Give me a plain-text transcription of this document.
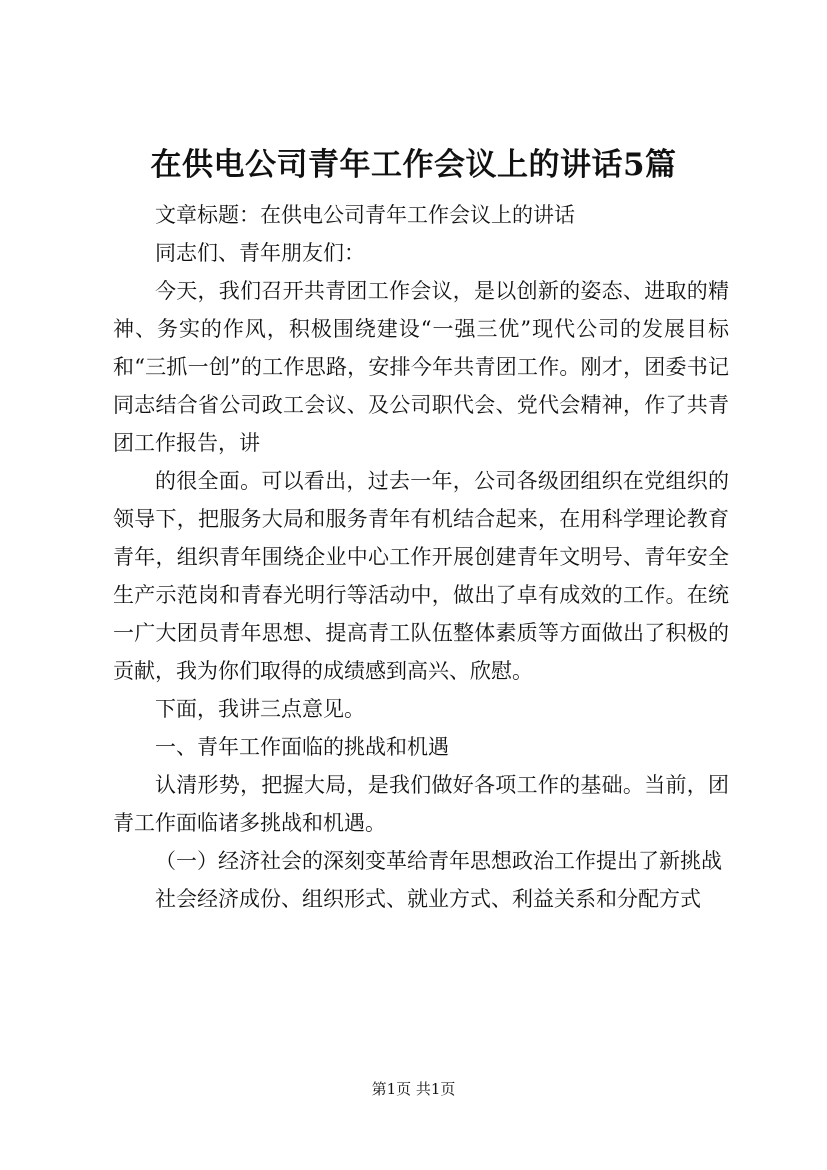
在供电公司青年工作会议上的讲话5篇

文章标题：在供电公司青年工作会议上的讲话

同志们、青年朋友们：

今天，我们召开共青团工作会议，是以创新的姿态、进取的精神、务实的作风，积极围绕建设“一强三优”现代公司的发展目标和“三抓一创”的工作思路，安排今年共青团工作。刚才，团委书记同志结合省公司政工会议、及公司职代会、党代会精神，作了共青团工作报告，讲

的很全面。可以看出，过去一年，公司各级团组织在党组织的领导下，把服务大局和服务青年有机结合起来，在用科学理论教育青年，组织青年围绕企业中心工作开展创建青年文明号、青年安全生产示范岗和青春光明行等活动中，做出了卓有成效的工作。在统一广大团员青年思想、提高青工队伍整体素质等方面做出了积极的贡献，我为你们取得的成绩感到高兴、欣慰。

下面，我讲三点意见。

一、青年工作面临的挑战和机遇

认清形势，把握大局，是我们做好各项工作的基础。当前，团青工作面临诸多挑战和机遇。

（一）经济社会的深刻变革给青年思想政治工作提出了新挑战

社会经济成份、组织形式、就业方式、利益关系和分配方式

第1页 共1页
